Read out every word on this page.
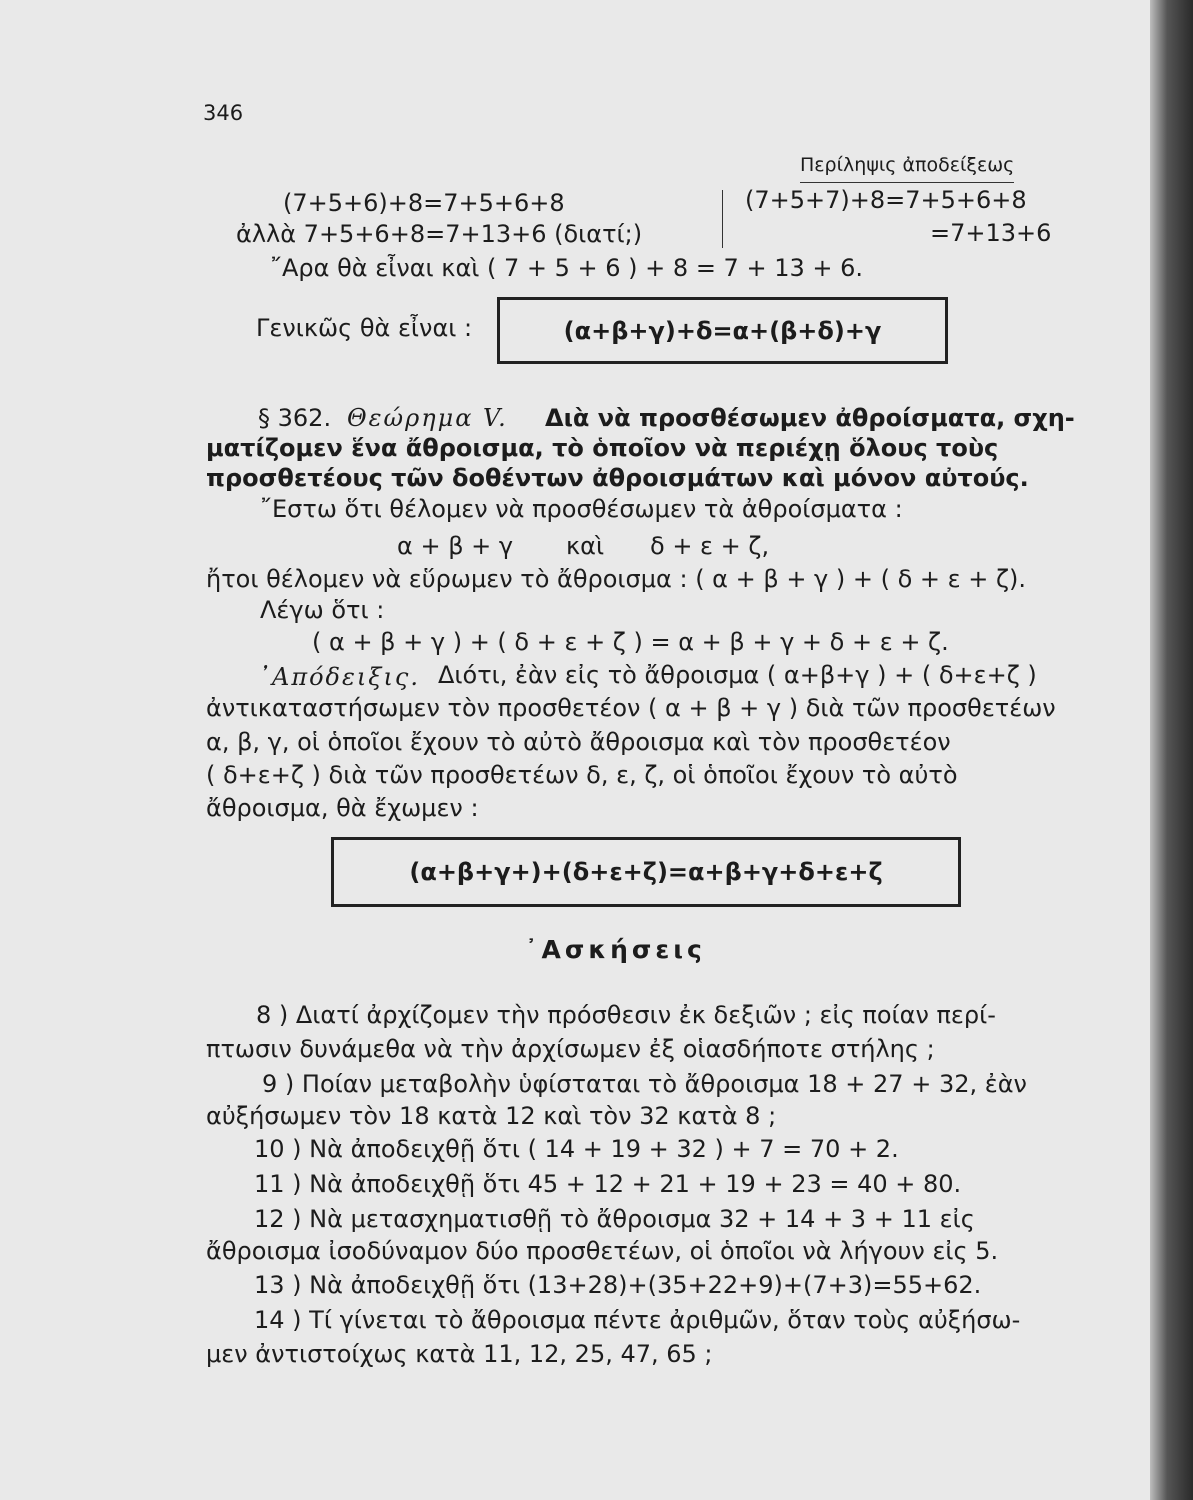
346
Περίληψις ἀποδείξεως
(7+5+6)+8=7+5+6+8	(7+5+7)+8=7+5+6+8
ἀλλὰ 7+5+6+8=7+13+6 (διατί;)	=7+13+6
῎Αρα θὰ εἶναι καὶ ( 7 + 5 + 6 ) + 8 = 7 + 13 + 6.
Γενικῶς θὰ εἶναι :	(α+β+γ)+δ=α+(β+δ)+γ
§ 362. Θεώρημα V. Διὰ νὰ προσθέσωμεν ἀθροίσματα, σχη-
ματίζομεν ἕνα ἄθροισμα, τὸ ὁποῖον νὰ περιέχῃ ὅλους τοὺς
προσθετέους τῶν δοθέντων ἀθροισμάτων καὶ μόνον αὐτούς.
῎Εστω ὅτι θέλομεν νὰ προσθέσωμεν τὰ ἀθροίσματα :
α + β + γ καὶ δ + ε + ζ,
ἤτοι θέλομεν νὰ εὕρωμεν τὸ ἄθροισμα : ( α + β + γ ) + ( δ + ε + ζ).
Λέγω ὅτι :
( α + β + γ ) + ( δ + ε + ζ ) = α + β + γ + δ + ε + ζ.
᾿Απόδειξις. Διότι, ἐὰν εἰς τὸ ἄθροισμα ( α+β+γ ) + ( δ+ε+ζ )
ἀντικαταστήσωμεν τὸν προσθετέον ( α + β + γ ) διὰ τῶν προσθετέων
α, β, γ, οἱ ὁποῖοι ἔχουν τὸ αὐτὸ ἄθροισμα καὶ τὸν προσθετέον
( δ+ε+ζ ) διὰ τῶν προσθετέων δ, ε, ζ, οἱ ὁποῖοι ἔχουν τὸ αὐτὸ
ἄθροισμα, θὰ ἔχωμεν :
(α+β+γ+)+(δ+ε+ζ)=α+β+γ+δ+ε+ζ
᾿Ασκήσεις
8 ) Διατί ἀρχίζομεν τὴν πρόσθεσιν ἐκ δεξιῶν ; εἰς ποίαν περί-
πτωσιν δυνάμεθα νὰ τὴν ἀρχίσωμεν ἐξ οἱασδήποτε στήλης ;
9 ) Ποίαν μεταβολὴν ὑφίσταται τὸ ἄθροισμα 18 + 27 + 32, ἐὰν
αὐξήσωμεν τὸν 18 κατὰ 12 καὶ τὸν 32 κατὰ 8 ;
10 ) Νὰ ἀποδειχθῇ ὅτι ( 14 + 19 + 32 ) + 7 = 70 + 2.
11 ) Νὰ ἀποδειχθῇ ὅτι 45 + 12 + 21 + 19 + 23 = 40 + 80.
12 ) Νὰ μετασχηματισθῇ τὸ ἄθροισμα 32 + 14 + 3 + 11 εἰς
ἄθροισμα ἰσοδύναμον δύο προσθετέων, οἱ ὁποῖοι νὰ λήγουν εἰς 5.
13 ) Νὰ ἀποδειχθῇ ὅτι (13+28)+(35+22+9)+(7+3)=55+62.
14 ) Τί γίνεται τὸ ἄθροισμα πέντε ἀριθμῶν, ὅταν τοὺς αὐξήσω-
μεν ἀντιστοίχως κατὰ 11, 12, 25, 47, 65 ;
